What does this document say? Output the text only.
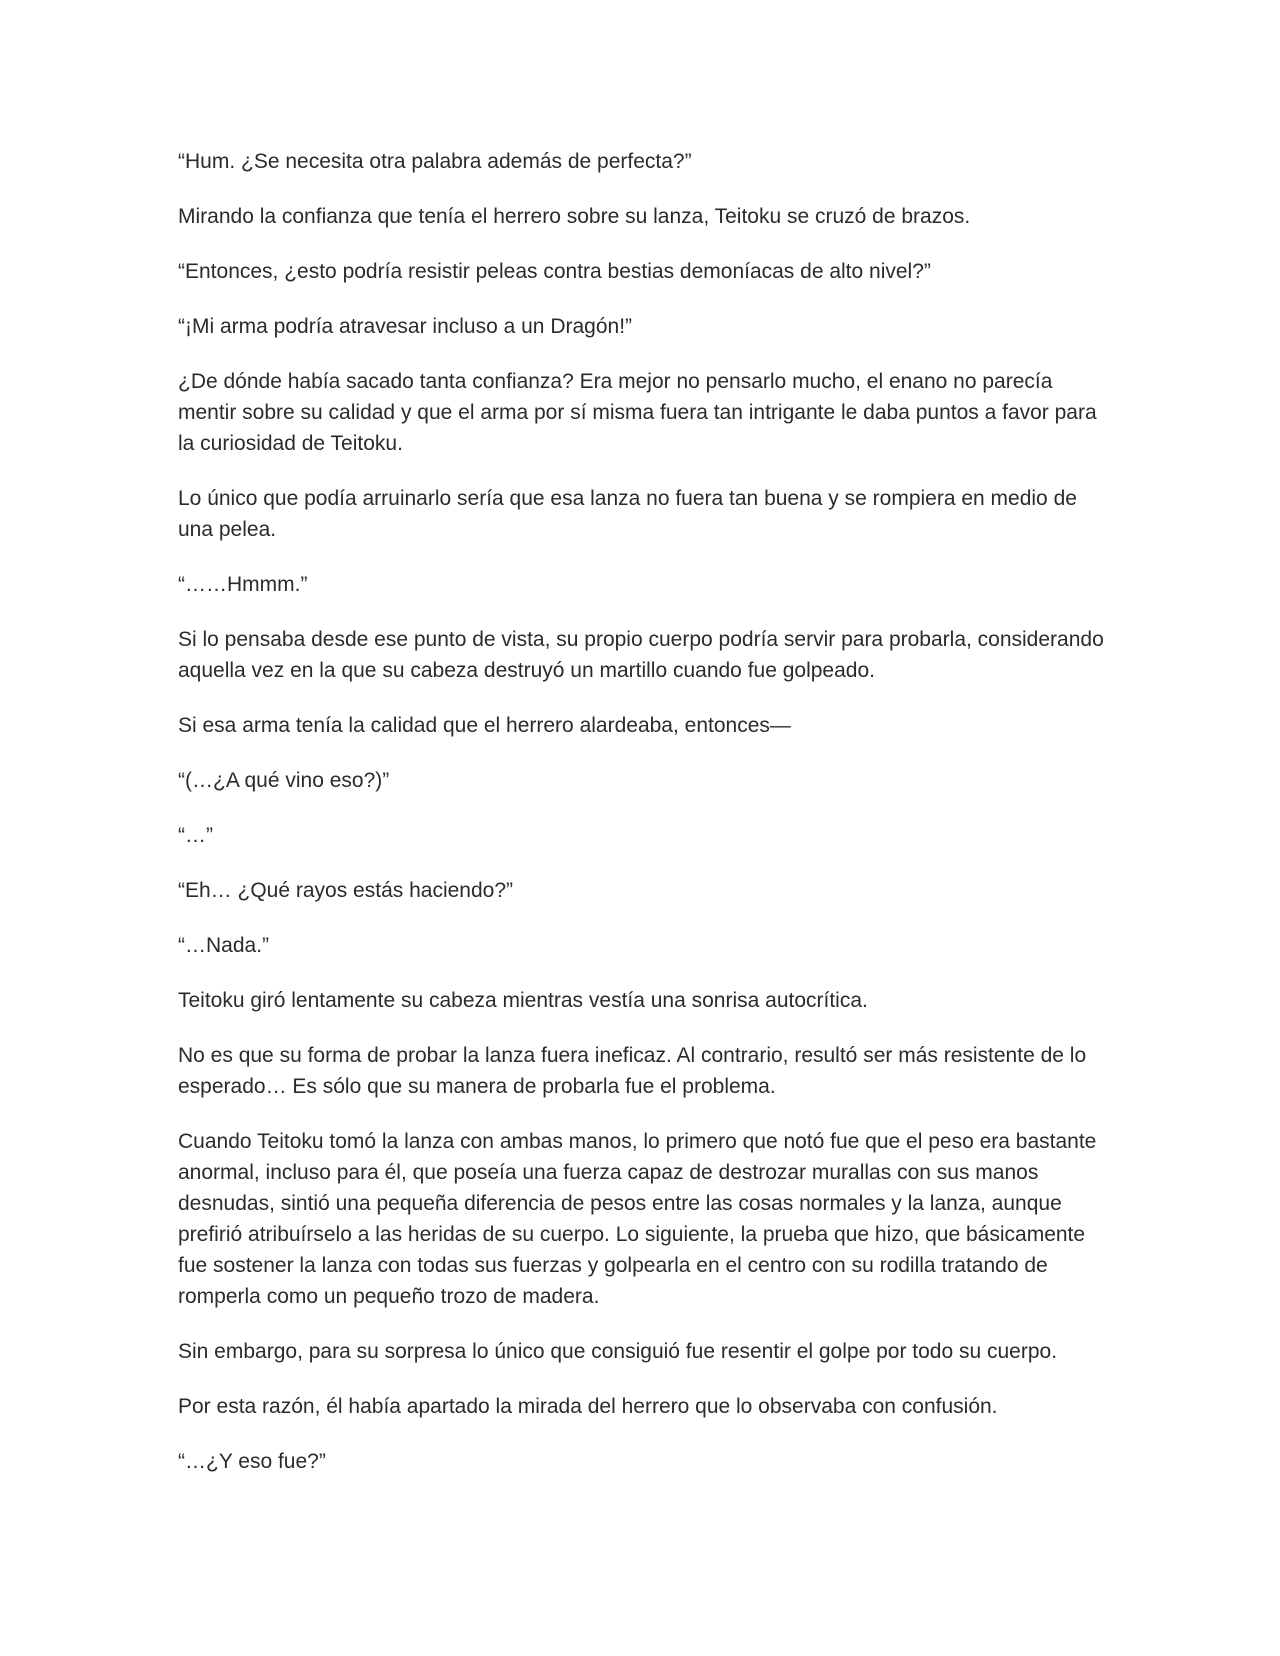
“Hum. ¿Se necesita otra palabra además de perfecta?”

Mirando la confianza que tenía el herrero sobre su lanza, Teitoku se cruzó de brazos.

“Entonces, ¿esto podría resistir peleas contra bestias demoníacas de alto nivel?”

“¡Mi arma podría atravesar incluso a un Dragón!”

¿De dónde había sacado tanta confianza? Era mejor no pensarlo mucho, el enano no parecía mentir sobre su calidad y que el arma por sí misma fuera tan intrigante le daba puntos a favor para la curiosidad de Teitoku.

Lo único que podía arruinarlo sería que esa lanza no fuera tan buena y se rompiera en medio de una pelea.

“……Hmmm.”

Si lo pensaba desde ese punto de vista, su propio cuerpo podría servir para probarla, considerando aquella vez en la que su cabeza destruyó un martillo cuando fue golpeado.

Si esa arma tenía la calidad que el herrero alardeaba, entonces—

“(…¿A qué vino eso?)”

“…”

“Eh… ¿Qué rayos estás haciendo?”

“…Nada.”

Teitoku giró lentamente su cabeza mientras vestía una sonrisa autocrítica.

No es que su forma de probar la lanza fuera ineficaz. Al contrario, resultó ser más resistente de lo esperado… Es sólo que su manera de probarla fue el problema.

Cuando Teitoku tomó la lanza con ambas manos, lo primero que notó fue que el peso era bastante anormal, incluso para él, que poseía una fuerza capaz de destrozar murallas con sus manos desnudas, sintió una pequeña diferencia de pesos entre las cosas normales y la lanza, aunque prefirió atribuírselo a las heridas de su cuerpo. Lo siguiente, la prueba que hizo, que básicamente fue sostener la lanza con todas sus fuerzas y golpearla en el centro con su rodilla tratando de romperla como un pequeño trozo de madera.

Sin embargo, para su sorpresa lo único que consiguió fue resentir el golpe por todo su cuerpo.

Por esta razón, él había apartado la mirada del herrero que lo observaba con confusión.

“…¿Y eso fue?”
